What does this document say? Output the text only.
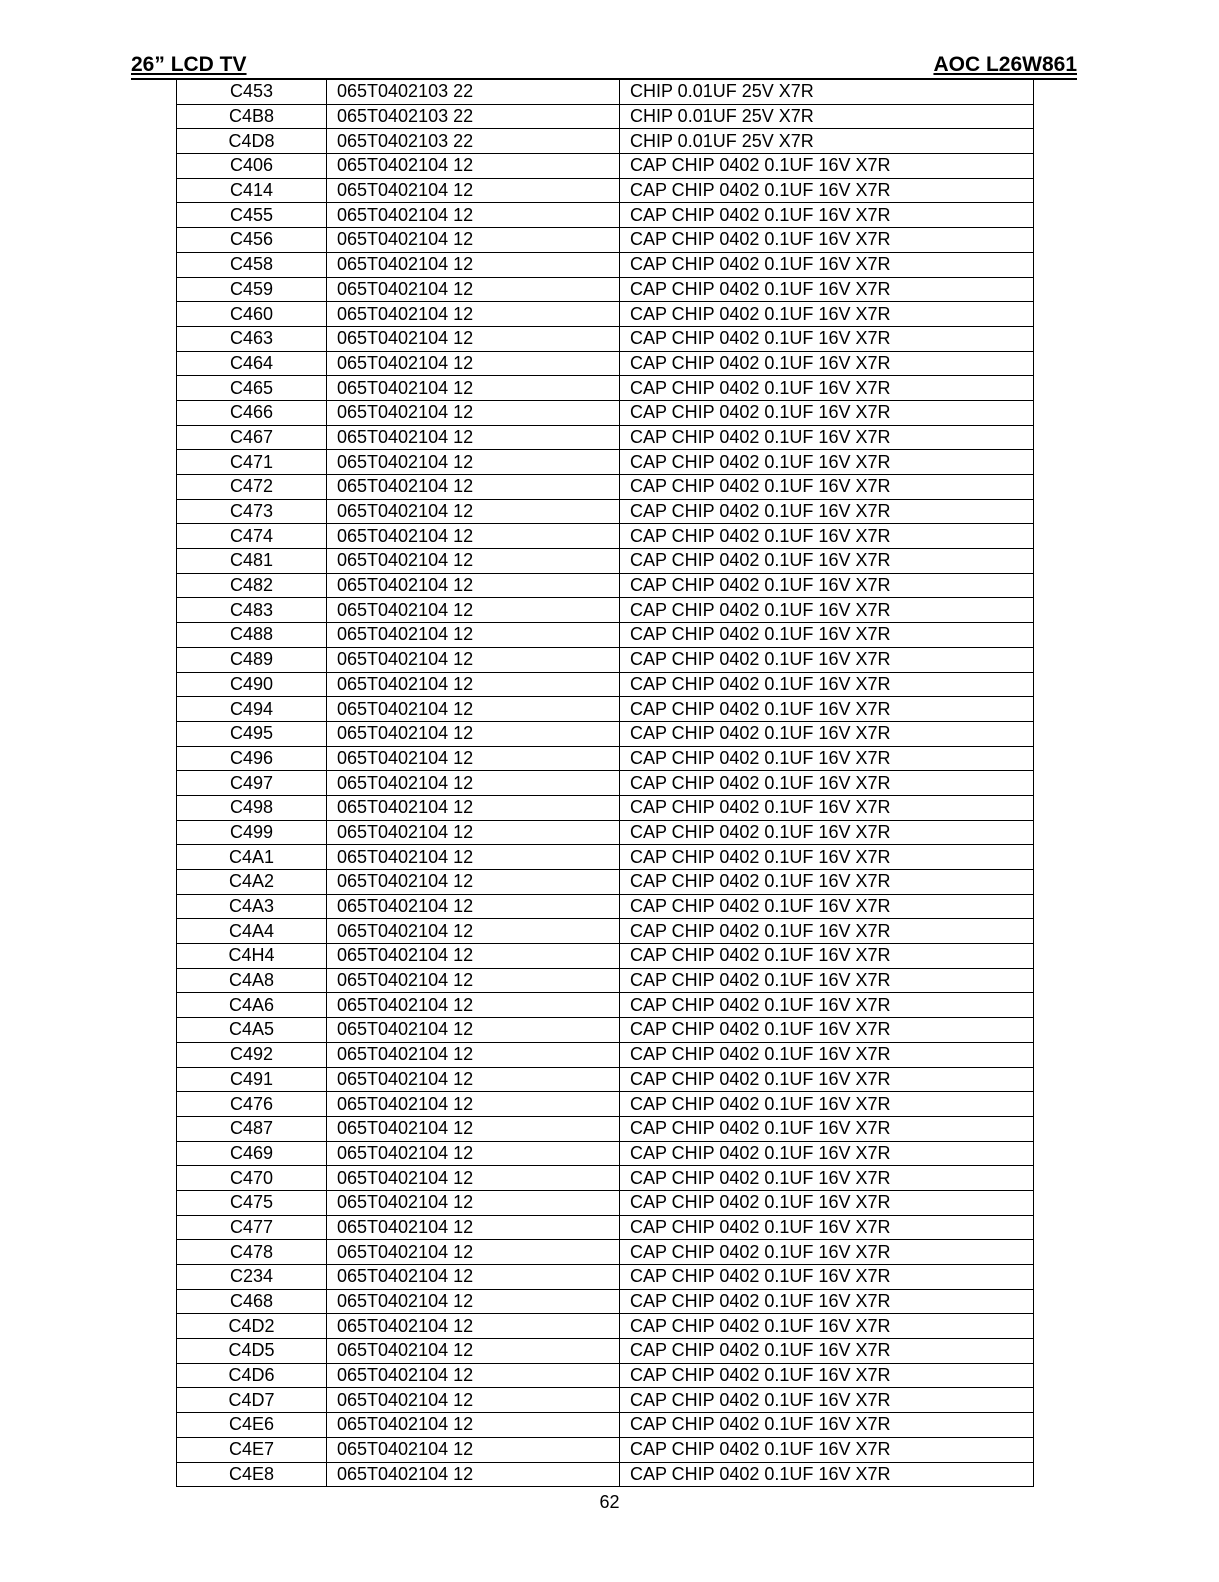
26” LCD TV	AOC L26W861
C453	065T0402103 22	CHIP 0.01UF 25V X7R
C4B8	065T0402103 22	CHIP 0.01UF 25V X7R
C4D8	065T0402103 22	CHIP 0.01UF 25V X7R
C406	065T0402104 12	CAP CHIP 0402 0.1UF 16V X7R
C414	065T0402104 12	CAP CHIP 0402 0.1UF 16V X7R
C455	065T0402104 12	CAP CHIP 0402 0.1UF 16V X7R
C456	065T0402104 12	CAP CHIP 0402 0.1UF 16V X7R
C458	065T0402104 12	CAP CHIP 0402 0.1UF 16V X7R
C459	065T0402104 12	CAP CHIP 0402 0.1UF 16V X7R
C460	065T0402104 12	CAP CHIP 0402 0.1UF 16V X7R
C463	065T0402104 12	CAP CHIP 0402 0.1UF 16V X7R
C464	065T0402104 12	CAP CHIP 0402 0.1UF 16V X7R
C465	065T0402104 12	CAP CHIP 0402 0.1UF 16V X7R
C466	065T0402104 12	CAP CHIP 0402 0.1UF 16V X7R
C467	065T0402104 12	CAP CHIP 0402 0.1UF 16V X7R
C471	065T0402104 12	CAP CHIP 0402 0.1UF 16V X7R
C472	065T0402104 12	CAP CHIP 0402 0.1UF 16V X7R
C473	065T0402104 12	CAP CHIP 0402 0.1UF 16V X7R
C474	065T0402104 12	CAP CHIP 0402 0.1UF 16V X7R
C481	065T0402104 12	CAP CHIP 0402 0.1UF 16V X7R
C482	065T0402104 12	CAP CHIP 0402 0.1UF 16V X7R
C483	065T0402104 12	CAP CHIP 0402 0.1UF 16V X7R
C488	065T0402104 12	CAP CHIP 0402 0.1UF 16V X7R
C489	065T0402104 12	CAP CHIP 0402 0.1UF 16V X7R
C490	065T0402104 12	CAP CHIP 0402 0.1UF 16V X7R
C494	065T0402104 12	CAP CHIP 0402 0.1UF 16V X7R
C495	065T0402104 12	CAP CHIP 0402 0.1UF 16V X7R
C496	065T0402104 12	CAP CHIP 0402 0.1UF 16V X7R
C497	065T0402104 12	CAP CHIP 0402 0.1UF 16V X7R
C498	065T0402104 12	CAP CHIP 0402 0.1UF 16V X7R
C499	065T0402104 12	CAP CHIP 0402 0.1UF 16V X7R
C4A1	065T0402104 12	CAP CHIP 0402 0.1UF 16V X7R
C4A2	065T0402104 12	CAP CHIP 0402 0.1UF 16V X7R
C4A3	065T0402104 12	CAP CHIP 0402 0.1UF 16V X7R
C4A4	065T0402104 12	CAP CHIP 0402 0.1UF 16V X7R
C4H4	065T0402104 12	CAP CHIP 0402 0.1UF 16V X7R
C4A8	065T0402104 12	CAP CHIP 0402 0.1UF 16V X7R
C4A6	065T0402104 12	CAP CHIP 0402 0.1UF 16V X7R
C4A5	065T0402104 12	CAP CHIP 0402 0.1UF 16V X7R
C492	065T0402104 12	CAP CHIP 0402 0.1UF 16V X7R
C491	065T0402104 12	CAP CHIP 0402 0.1UF 16V X7R
C476	065T0402104 12	CAP CHIP 0402 0.1UF 16V X7R
C487	065T0402104 12	CAP CHIP 0402 0.1UF 16V X7R
C469	065T0402104 12	CAP CHIP 0402 0.1UF 16V X7R
C470	065T0402104 12	CAP CHIP 0402 0.1UF 16V X7R
C475	065T0402104 12	CAP CHIP 0402 0.1UF 16V X7R
C477	065T0402104 12	CAP CHIP 0402 0.1UF 16V X7R
C478	065T0402104 12	CAP CHIP 0402 0.1UF 16V X7R
C234	065T0402104 12	CAP CHIP 0402 0.1UF 16V X7R
C468	065T0402104 12	CAP CHIP 0402 0.1UF 16V X7R
C4D2	065T0402104 12	CAP CHIP 0402 0.1UF 16V X7R
C4D5	065T0402104 12	CAP CHIP 0402 0.1UF 16V X7R
C4D6	065T0402104 12	CAP CHIP 0402 0.1UF 16V X7R
C4D7	065T0402104 12	CAP CHIP 0402 0.1UF 16V X7R
C4E6	065T0402104 12	CAP CHIP 0402 0.1UF 16V X7R
C4E7	065T0402104 12	CAP CHIP 0402 0.1UF 16V X7R
C4E8	065T0402104 12	CAP CHIP 0402 0.1UF 16V X7R
62
